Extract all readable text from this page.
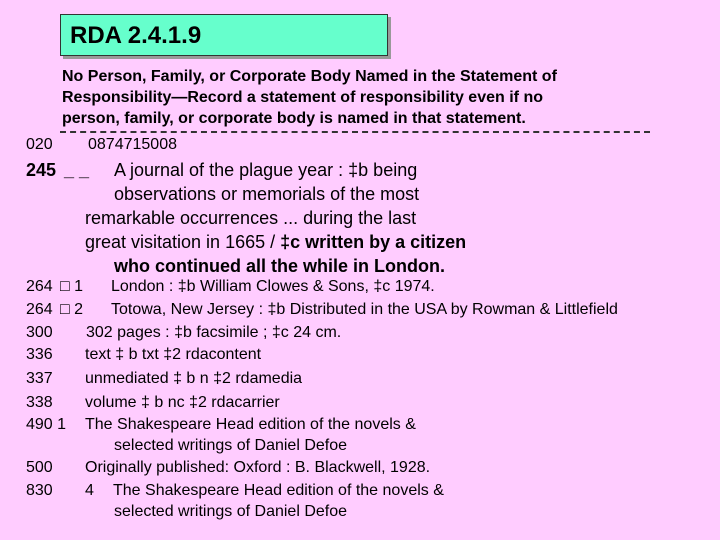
RDA 2.4.1.9
No Person, Family, or Corporate Body Named in the Statement of
Responsibility—Record a statement of responsibility even if no
person, family, or corporate body is named in that statement.
020 0874715008
245 _ _ A journal of the plague year : ‡b being
observations or memorials of the most
remarkable occurrences ... during the last
great visitation in 1665 / ‡c written by a citizen
who continued all the while in London.
264 □ 1 London : ‡b William Clowes & Sons, ‡c 1974.
264 □ 2 Totowa, New Jersey : ‡b Distributed in the USA by Rowman & Littlefield
300 302 pages : ‡b facsimile ; ‡c 24 cm.
336 text ‡ b txt ‡2 rdacontent
337 unmediated ‡ b n ‡2 rdamedia
338 volume ‡ b nc ‡2 rdacarrier
490 1 The Shakespeare Head edition of the novels &
selected writings of Daniel Defoe
500 Originally published: Oxford : B. Blackwell, 1928.
830 4 The Shakespeare Head edition of the novels &
selected writings of Daniel Defoe
